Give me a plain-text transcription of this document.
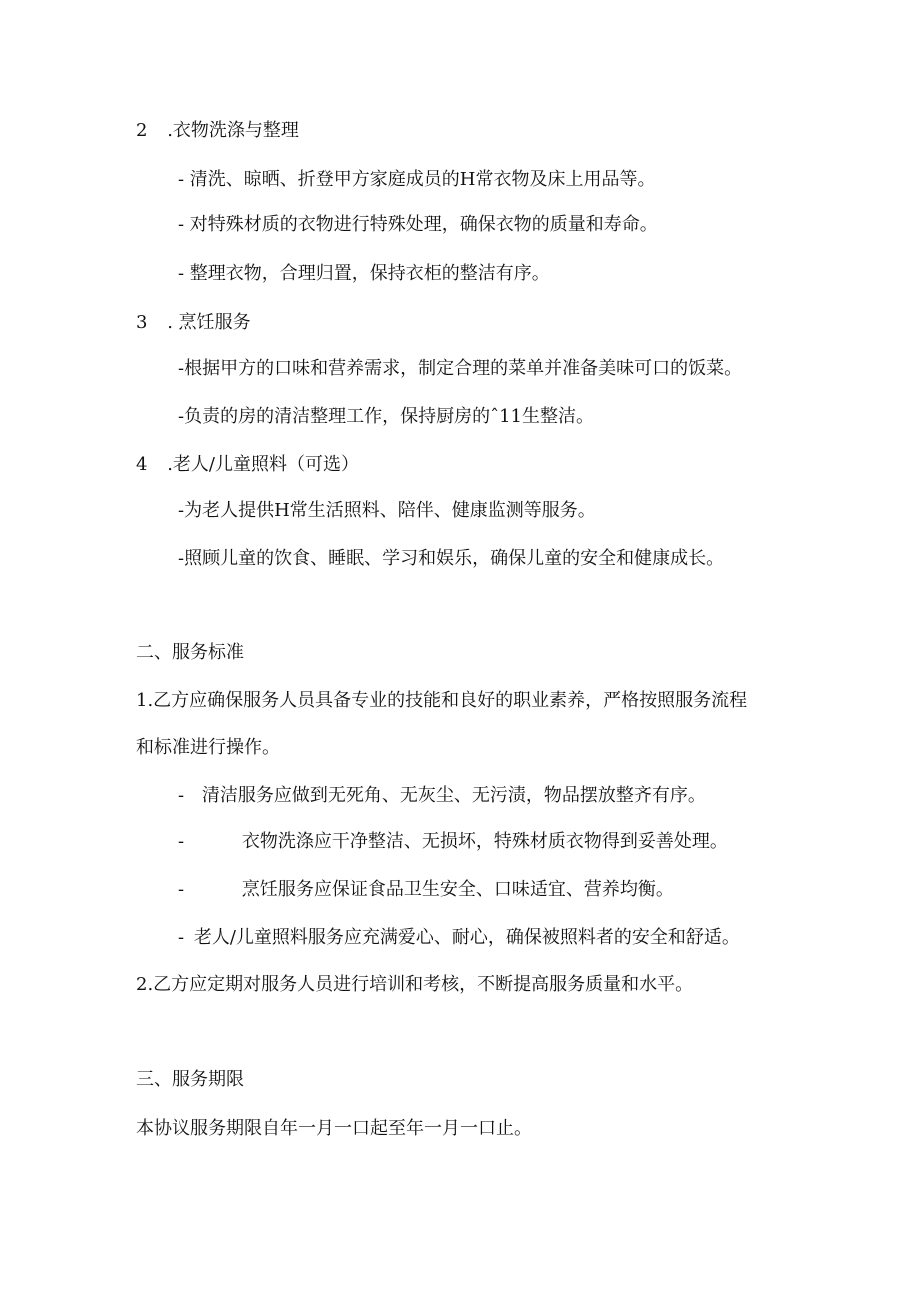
2 .衣物洗涤与整理
- 清洗、晾晒、折登甲方家庭成员的H常衣物及床上用品等。
- 对特殊材质的衣物进行特殊处理，确保衣物的质量和寿命。
- 整理衣物，合理归置，保持衣柜的整洁有序。
3 . 烹饪服务
-根据甲方的口味和营养需求，制定合理的菜单并准备美味可口的饭菜。
-负责的房的清洁整理工作，保持厨房的ˆ11生整洁。
4 .老人/儿童照料（可选）
-为老人提供H常生活照料、陪伴、健康监测等服务。
-照顾儿童的饮食、睡眠、学习和娱乐，确保儿童的安全和健康成长。
二、服务标准
1.乙方应确保服务人员具备专业的技能和良好的职业素养，严格按照服务流程
和标准进行操作。
- 清洁服务应做到无死角、无灰尘、无污渍，物品摆放整齐有序。
-	衣物洗涤应干净整洁、无损坏，特殊材质衣物得到妥善处理。
-	烹饪服务应保证食品卫生安全、口味适宜、营养均衡。
- 老人/儿童照料服务应充满爱心、耐心，确保被照料者的安全和舒适。
2.乙方应定期对服务人员进行培训和考核，不断提高服务质量和水平。
三、服务期限
本协议服务期限自年一月一口起至年一月一口止。
